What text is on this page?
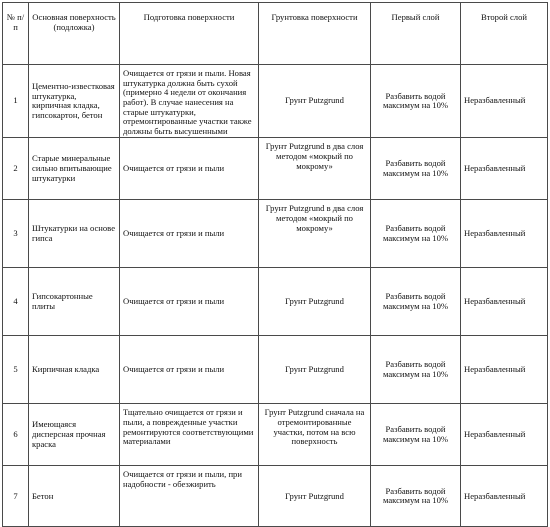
№ п/п	Основная поверхность (подложка)	Подготовка поверхности	Грунтовка поверхности	Первый слой	Второй слой
1	Цементно-известковая штукатурка, кирпичная кладка, гипсокартон, бетон	Очищается от грязи и пыли. Новая штукатурка должна быть сухой (примерно 4 недели от окончания работ). В случае нанесения на старые штукатурки, отремонтированные участки также должны быть высушенными	Грунт Putzgrund	Разбавить водой максимум на 10%	Неразбавленный
2	Старые минеральные сильно впитывающие штукатурки	Очищается от грязи и пыли	Грунт Putzgrund в два слоя методом «мокрый по мокрому»	Разбавить водой максимум на 10%	Неразбавленный
3	Штукатурки на основе гипса	Очищается от грязи и пыли	Грунт Putzgrund в два слоя методом «мокрый по мокрому»	Разбавить водой максимум на 10%	Неразбавленный
4	Гипсокартонные плиты	Очищается от грязи и пыли	Грунт Putzgrund	Разбавить водой максимум на 10%	Неразбавленный
5	Кирпичная кладка	Очищается от грязи и пыли	Грунт Putzgrund	Разбавить водой максимум на 10%	Неразбавленный
6	Имеющаяся дисперсная прочная краска	Тщательно очищается от грязи и пыли, а поврежденные участки ремонтируются соответствующими материалами	Грунт Putzgrund сначала на отремонтированные участки, потом на всю поверхность	Разбавить водой максимум на 10%	Неразбавленный
7	Бетон	Очищается от грязи и пыли, при надобности - обезжирить	Грунт Putzgrund	Разбавить водой максимум на 10%	Неразбавленный
